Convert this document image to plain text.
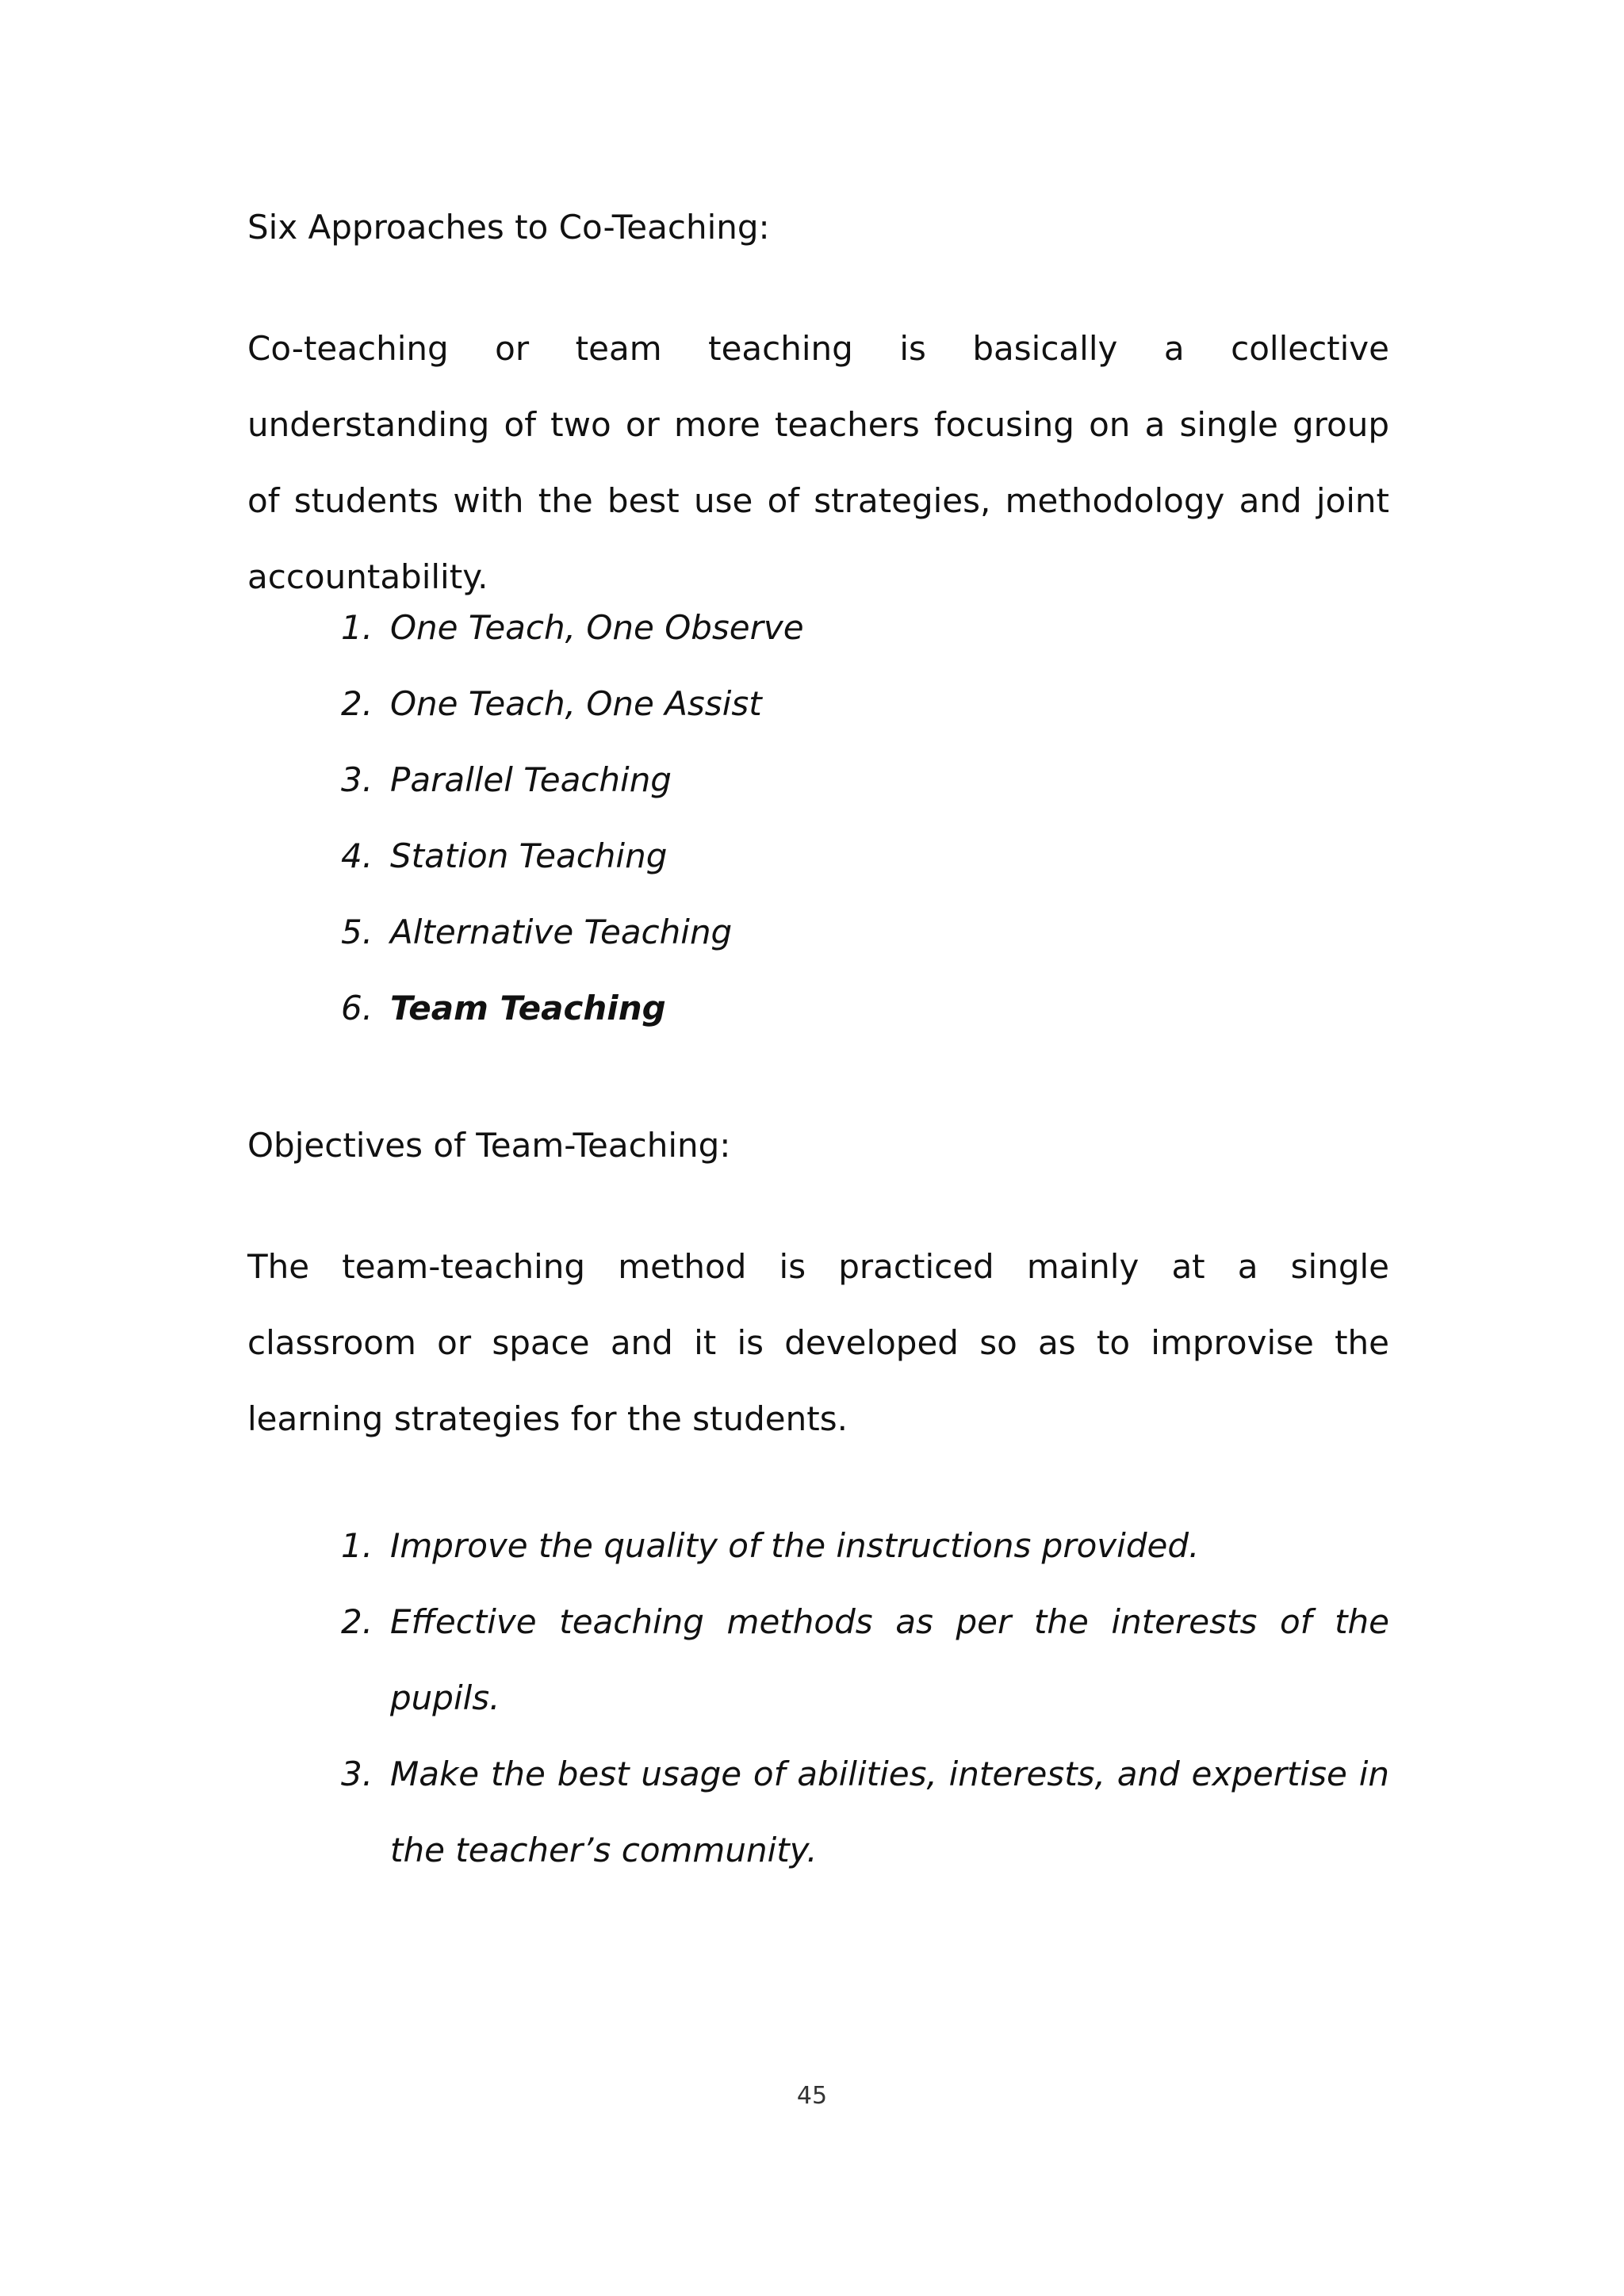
Six Approaches to Co-Teaching:

Co-teaching or team teaching is basically a collective understanding of two or more teachers focusing on a single group of students with the best use of strategies, methodology and joint accountability.

1. One Teach, One Observe
2. One Teach, One Assist
3. Parallel Teaching
4. Station Teaching
5. Alternative Teaching
6. Team Teaching
Objectives of Team-Teaching:

The team-teaching method is practiced mainly at a single classroom or space and it is developed so as to improvise the learning strategies for the students.

1. Improve the quality of the instructions provided.
2. Effective teaching methods as per the interests of the pupils.
3. Make the best usage of abilities, interests, and expertise in the teacher’s community.
45
